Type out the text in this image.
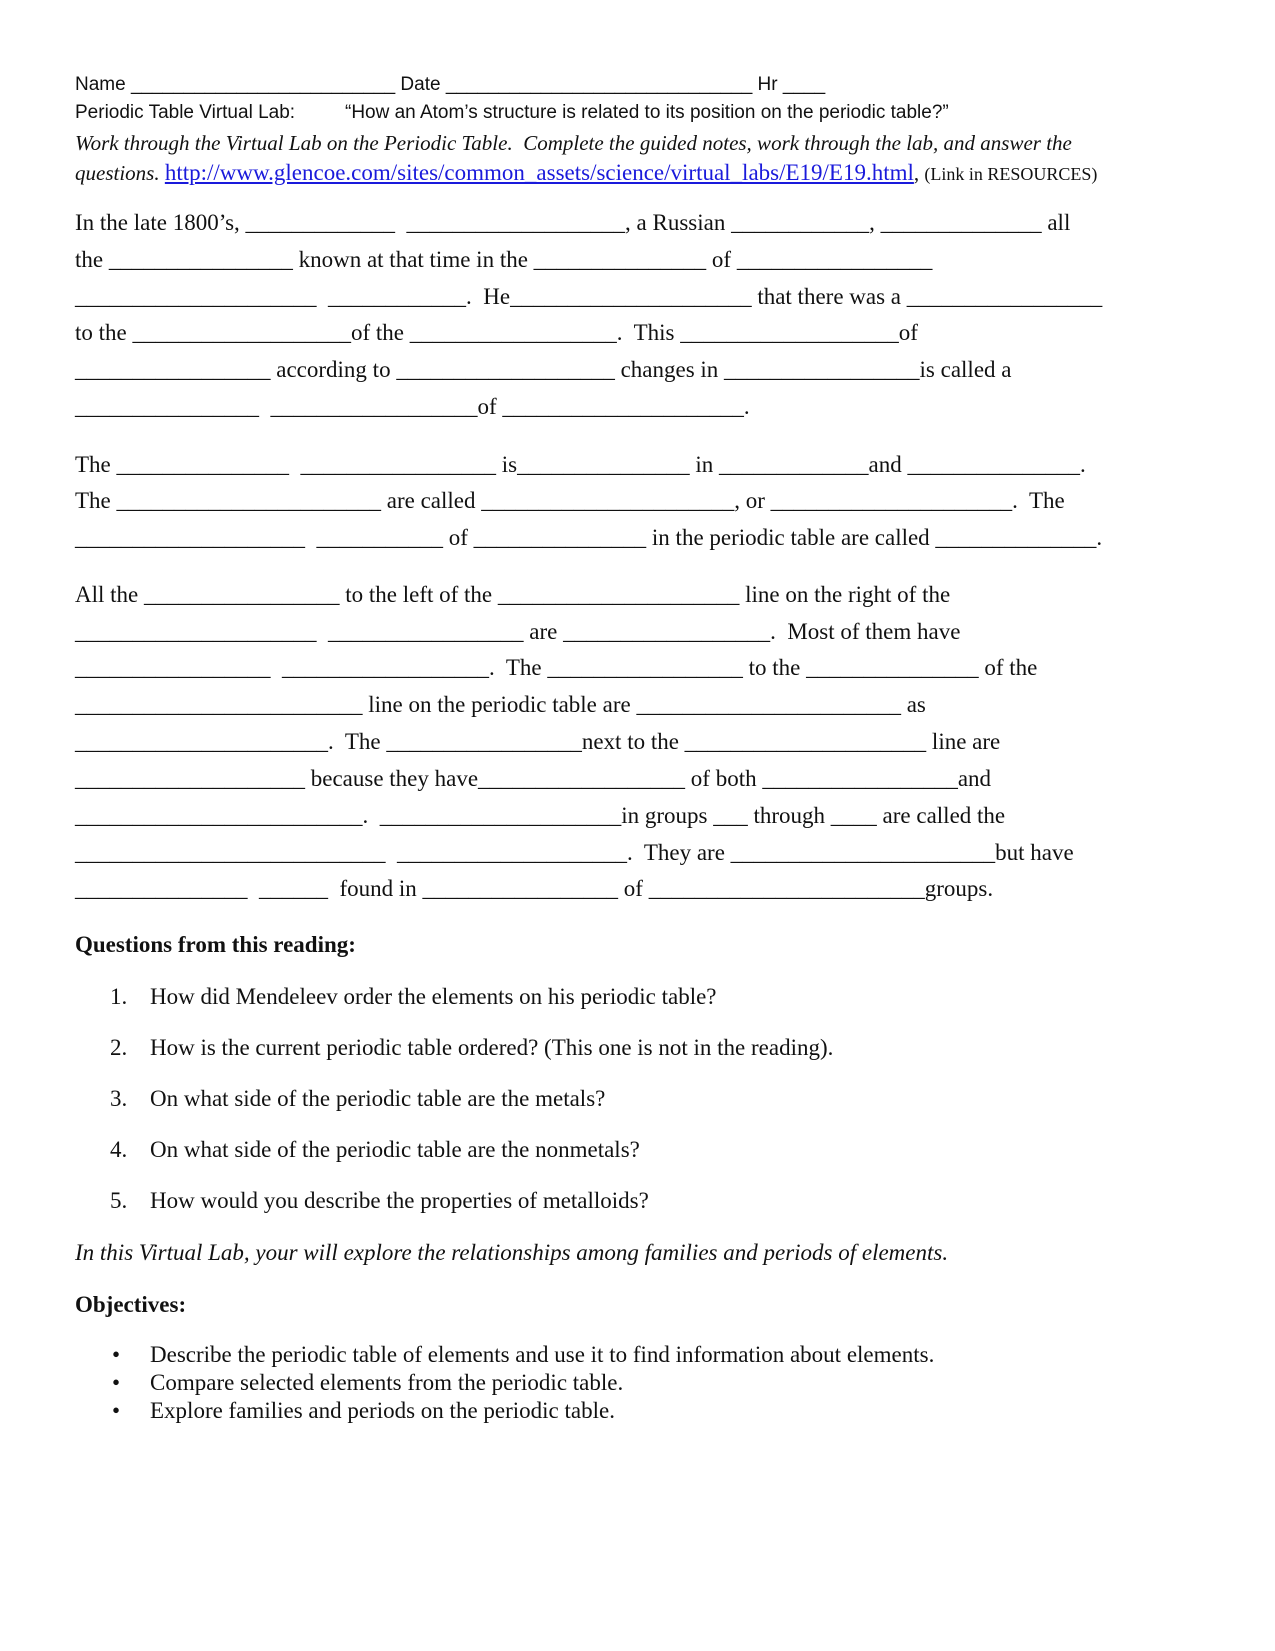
Name _________________________ Date _____________________________ Hr ____
Periodic Table Virtual Lab:	“How an Atom’s structure is related to its position on the periodic table?”
Work through the Virtual Lab on the Periodic Table.  Complete the guided notes, work through the lab, and answer the
questions. http://www.glencoe.com/sites/common_assets/science/virtual_labs/E19/E19.html, (Link in RESOURCES)
In the late 1800’s, _____________  ___________________, a Russian ____________, ______________ all
the ________________ known at that time in the _______________ of _________________
_____________________  ____________.  He_____________________ that there was a _________________
to the ___________________of the __________________.  This ___________________of
_________________ according to ___________________ changes in _________________is called a
________________  __________________of _____________________.
The _______________  _________________ is_______________ in _____________and _______________.
The _______________________ are called ______________________, or _____________________.  The
____________________  ___________ of _______________ in the periodic table are called ______________.
All the _________________ to the left of the _____________________ line on the right of the
_____________________  _________________ are __________________.  Most of them have
_________________  __________________.  The _________________ to the _______________ of the
_________________________ line on the periodic table are _______________________ as
______________________.  The _________________next to the _____________________ line are
____________________ because they have__________________ of both _________________and
_________________________.  _____________________in groups ___ through ____ are called the
___________________________  ____________________.  They are _______________________but have
_______________  ______  found in _________________ of ________________________groups.
Questions from this reading:
1. How did Mendeleev order the elements on his periodic table?
2. How is the current periodic table ordered? (This one is not in the reading).
3. On what side of the periodic table are the metals?
4. On what side of the periodic table are the nonmetals?
5. How would you describe the properties of metalloids?
In this Virtual Lab, your will explore the relationships among families and periods of elements.
Objectives:
• Describe the periodic table of elements and use it to find information about elements.
• Compare selected elements from the periodic table.
• Explore families and periods on the periodic table.
